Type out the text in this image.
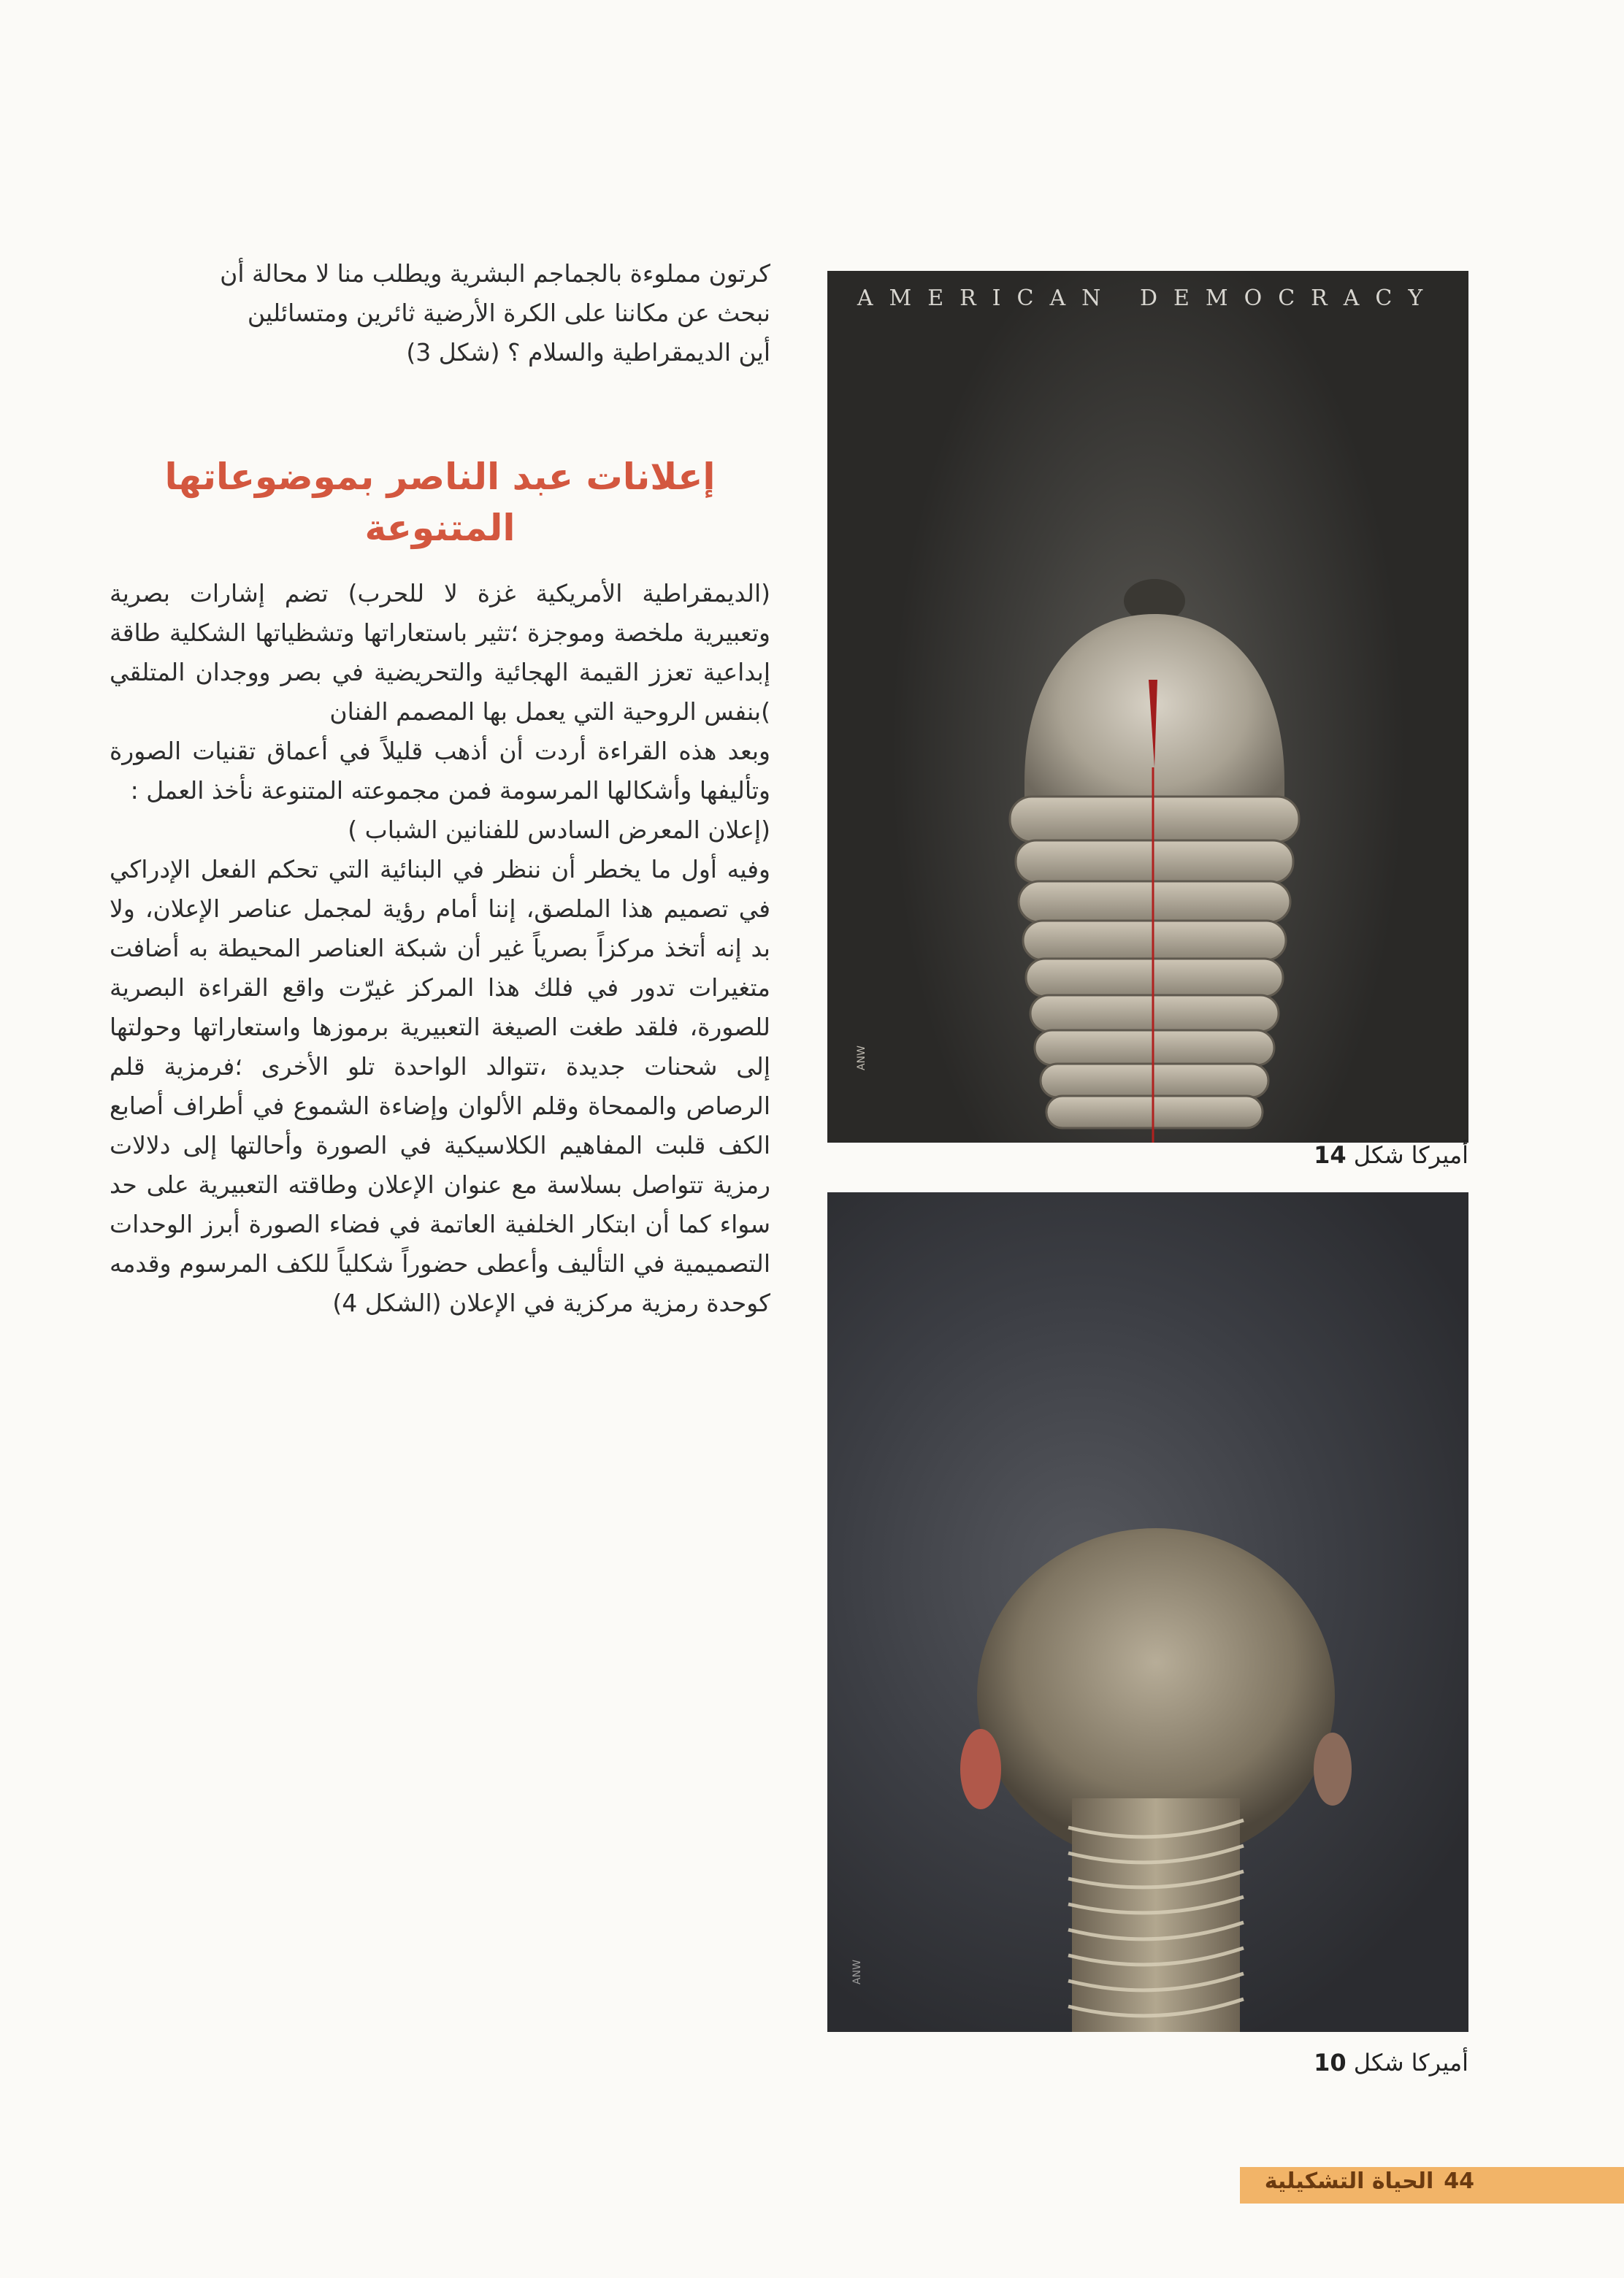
كرتون مملوءة بالجماجم البشرية ويطلب منا لا محالة أن

نبحث عن مكاننا على الكرة الأرضية ثائرين ومتسائلين

أين الديمقراطية والسلام ؟ (شكل 3)

إعلانات عبد الناصر بموضوعاتها المتنوعة

(الديمقراطية الأمريكية غزة لا للحرب) تضم إشارات بصرية وتعبيرية ملخصة وموجزة ؛تثير باستعاراتها وتشظياتها الشكلية طاقة إبداعية تعزز القيمة الهجائية والتحريضية في بصر ووجدان المتلقي )بنفس الروحية التي يعمل بها المصمم الفنان

وبعد هذه القراءة أردت أن أذهب قليلاً في أعماق تقنيات الصورة وتأليفها وأشكالها المرسومة فمن مجموعته المتنوعة نأخذ العمل :

(إعلان المعرض السادس للفنانين الشباب )

وفيه أول ما يخطر أن ننظر في البنائية التي تحكم الفعل الإدراكي في تصميم هذا الملصق، إننا أمام رؤية لمجمل عناصر الإعلان، ولا بد إنه أتخذ مركزاً بصرياً غير أن شبكة العناصر المحيطة به أضافت متغيرات تدور في فلك هذا المركز غيرّت واقع القراءة البصرية للصورة، فلقد طغت الصيغة التعبيرية برموزها واستعاراتها وحولتها إلى شحنات جديدة ،تتوالد الواحدة تلو الأخرى ؛فرمزية قلم الرصاص والممحاة وقلم الألوان وإضاءة الشموع في أطراف أصابع الكف قلبت المفاهيم الكلاسيكية في الصورة وأحالتها إلى دلالات رمزية تتواصل بسلاسة مع عنوان الإعلان وطاقته التعبيرية على حد سواء كما أن ابتكار الخلفية العاتمة في فضاء الصورة أبرز الوحدات التصميمية في التأليف وأعطى حضوراً شكلياً للكف المرسوم وقدمه كوحدة رمزية مركزية في الإعلان (الشكل 4)

AMERICAN DEMOCRACY
ANW
أميركا شكل 14
ANW
أميركا شكل 10
44الحياة التشكيلية
